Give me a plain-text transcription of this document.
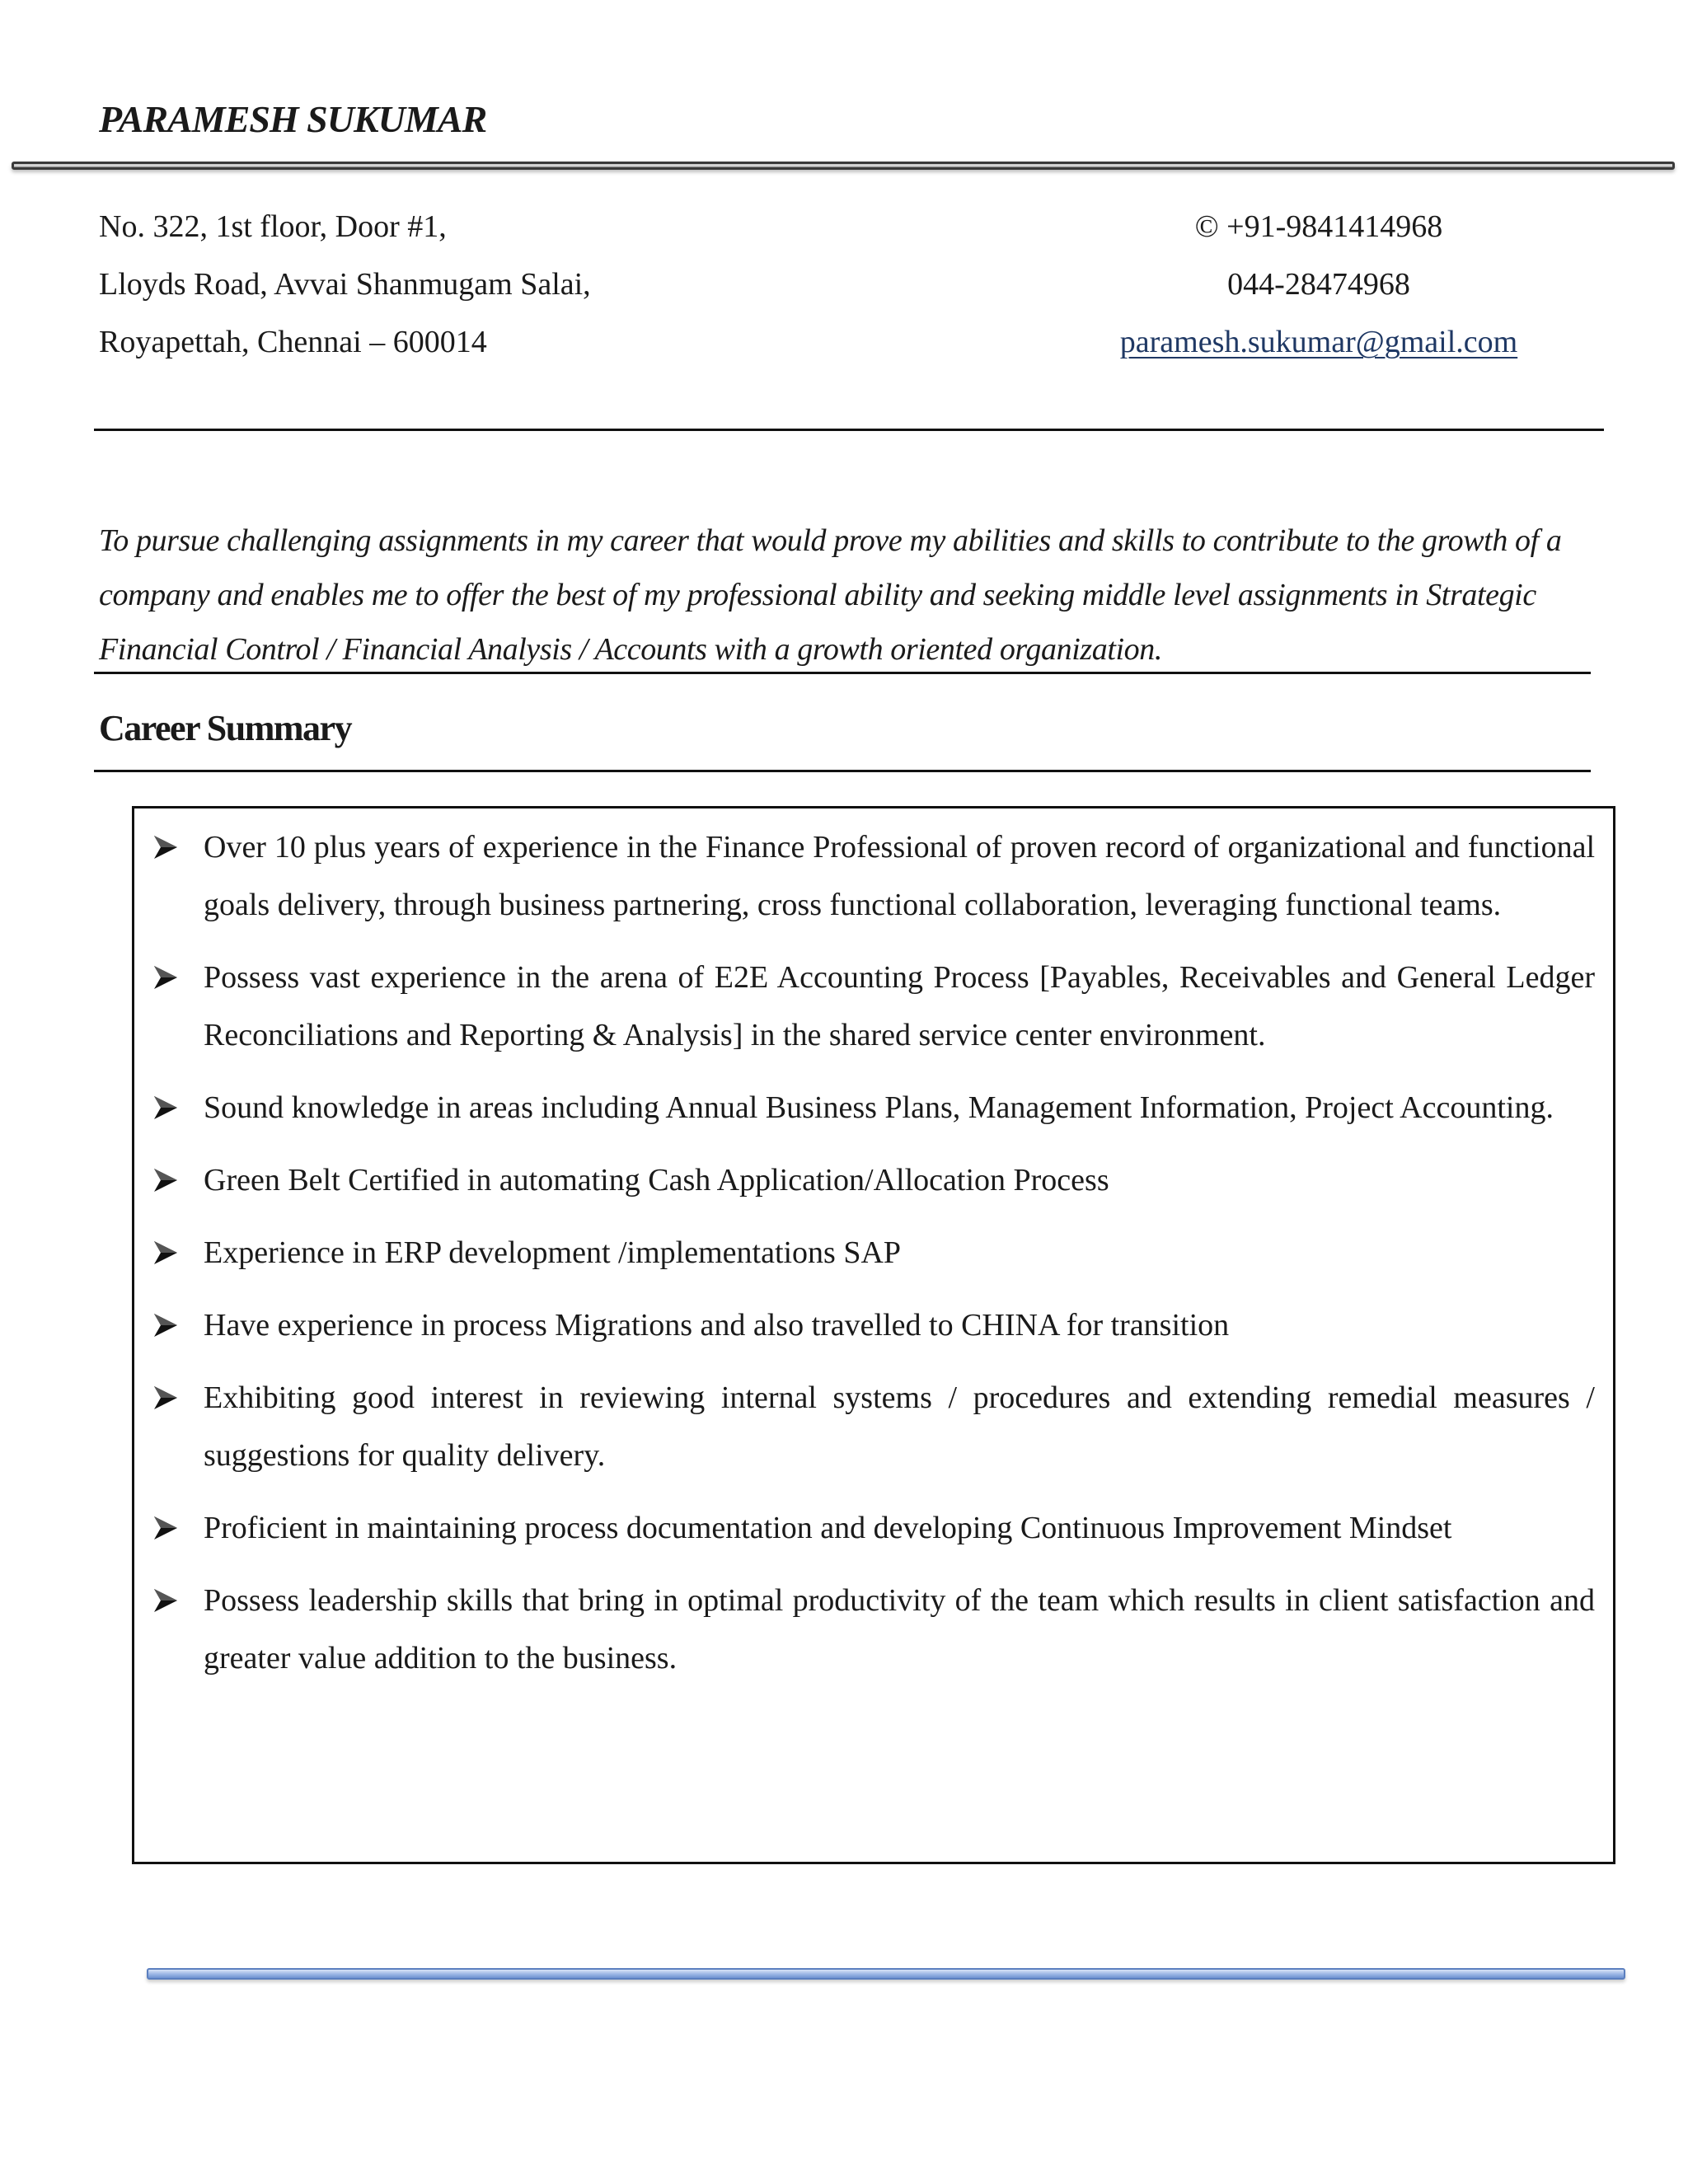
PARAMESH SUKUMAR
No. 322, 1st floor, Door #1,
Lloyds Road, Avvai Shanmugam Salai,
Royapettah, Chennai – 600014
© +91-9841414968
044-28474968
paramesh.sukumar@gmail.com

To pursue challenging assignments in my career that would prove my abilities and skills to contribute to the growth of a company and enables me to offer the best of my professional ability and seeking middle level assignments in Strategic Financial Control / Financial Analysis / Accounts with a growth oriented organization.

Career Summary
Over 10 plus years of experience in the Finance Professional of proven record of organizational and functional goals delivery, through business partnering, cross functional collaboration, leveraging functional teams.
Possess vast experience in the arena of E2E Accounting Process [Payables, Receivables and General Ledger Reconciliations and Reporting & Analysis] in the shared service center environment.
Sound knowledge in areas including Annual Business Plans, Management Information, Project Accounting.
Green Belt Certified in automating Cash Application/Allocation Process
Experience in ERP development /implementations SAP
Have experience in process Migrations and also travelled to CHINA for transition
Exhibiting good interest in reviewing internal systems / procedures and extending remedial measures / suggestions for quality delivery.
Proficient in maintaining process documentation and developing Continuous Improvement Mindset
Possess leadership skills that bring in optimal productivity of the team which results in client satisfaction and greater value addition to the business.
